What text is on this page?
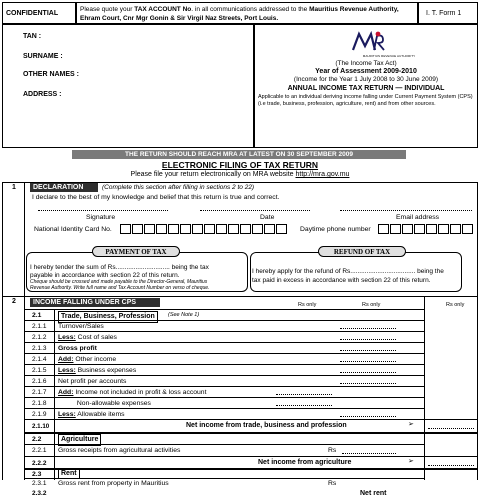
CONFIDENTIAL
Please quote your TAX ACCOUNT No. in all communications addressed to the Mauritius Revenue Authority, Ehram Court, Cnr Mgr Gonin & Sir Virgil Naz Streets, Port Louis.
I. T. Form 1
TAN :
SURNAME :
OTHER NAMES :
ADDRESS :
MAURITIUS REVENUE AUTHORITY
(The Income Tax Act)
Year of Assessment 2009-2010
(Income for the Year 1 July 2008 to 30 June 2009)
ANNUAL INCOME TAX RETURN — INDIVIDUAL
Applicable to an individual deriving income falling under Current Payment System (CPS) (i.e trade, business, profession, agriculture, rent) and from other sources.
THE RETURN SHOULD REACH MRA AT LATEST ON 30 SEPTEMBER 2009
ELECTRONIC FILING OF TAX RETURN
Please file your return electronically on MRA website http://mra.gov.mu
1	DECLARATION	(Complete this section after filling in sections 2 to 22)
I declare to the best of my knowledge and belief that this return is true and correct.
Signature	Date	Email address
National Identity Card No.	Daytime phone number
PAYMENT OF TAX
I hereby tender the sum of Rs.............................. being the tax
payable in accordance with section 22 of this return.
Cheque should be crossed and made payable to the Director-General, Mauritius
Revenue Authority. Write full name and Tax Account Number on verso of cheque.
REFUND OF TAX
I hereby apply for the refund of Rs.................................... being the
tax paid in excess in accordance with section 22 of this return.
2	INCOME FALLING UNDER CPS	Rs only	Rs only	Rs only
2.1	Trade, Business, Profession	(See Note 1)
2.1.1 Turnover/Sales
2.1.2 Less: Cost of sales
2.1.3 Gross profit
2.1.4 Add: Other income
2.1.5 Less: Business expenses
2.1.6 Net profit per accounts
2.1.7 Add: Income not included in profit & loss account
2.1.8 Non-allowable expenses
2.1.9 Less: Allowable items
2.1.10	Net income from trade, business and profession	➢
2.2	Agriculture
2.2.1 Gross receipts from agricultural activities	Rs
2.2.2	Net income from agriculture	➢
2.3	Rent
2.3.1 Gross rent from property in Mauritius	Rs
2.3.2	Net rent
